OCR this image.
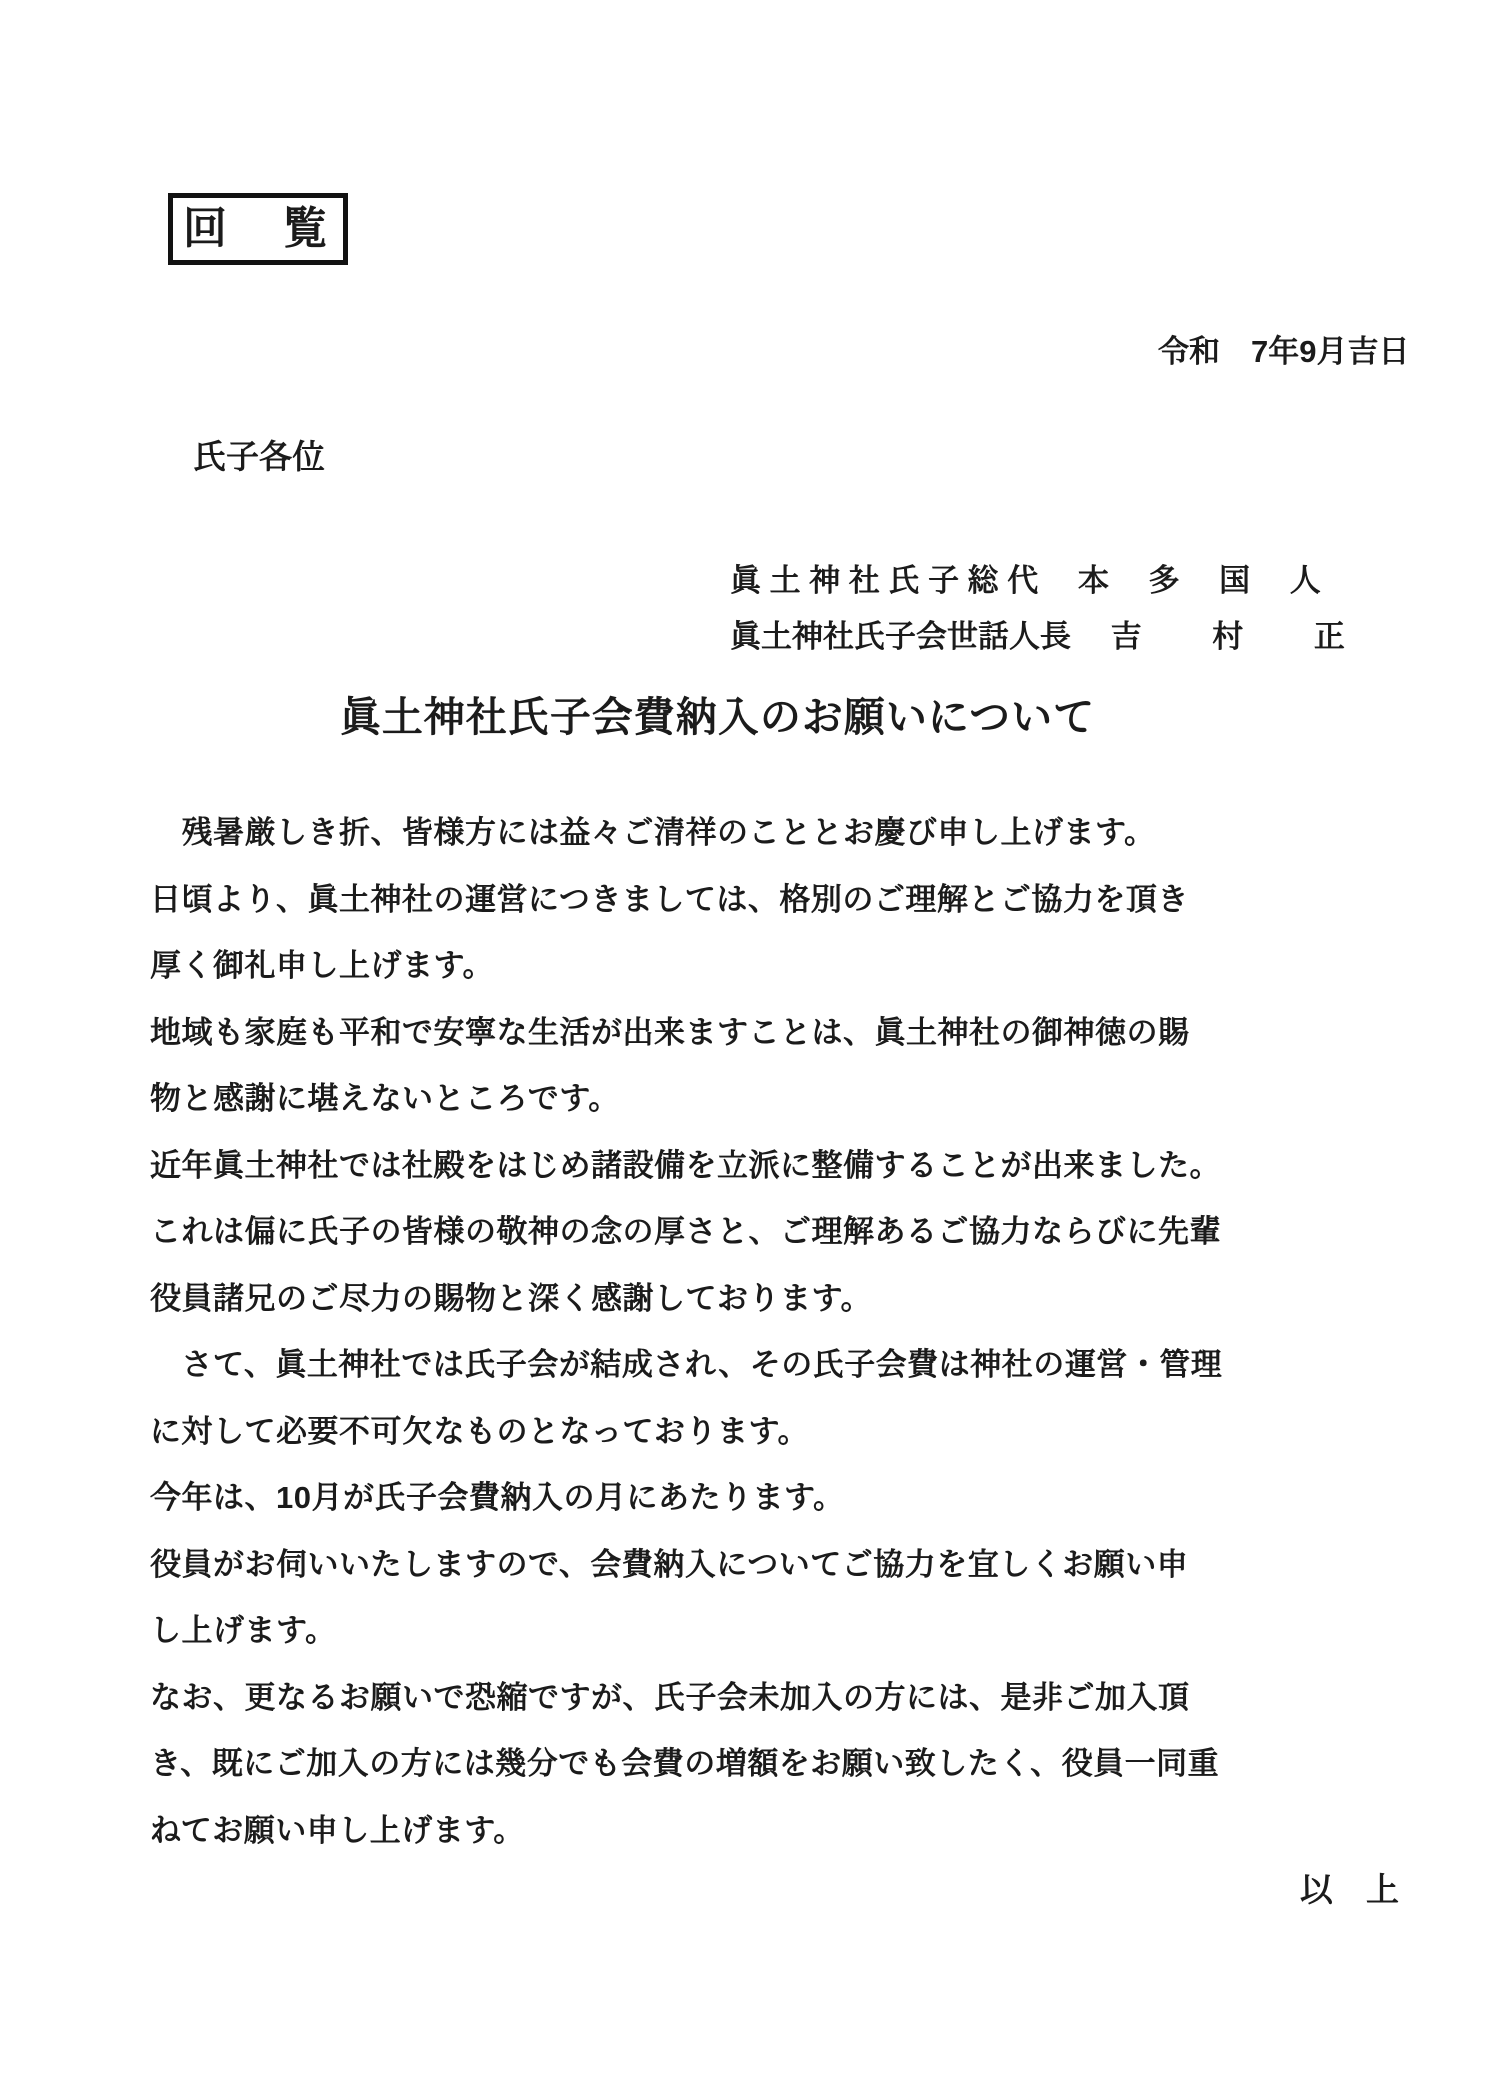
回　覧
令和　7年9月吉日
氏子各位
眞 土 神 社 氏 子 総 代　 本　 多　 国　 人
眞土神社氏子会世話人長　 吉　　 村　　 正
眞土神社氏子会費納入のお願いについて
　残暑厳しき折、皆様方には益々ご清祥のこととお慶び申し上げます。
日頃より、眞土神社の運営につきましては、格別のご理解とご協力を頂き
厚く御礼申し上げます。
地域も家庭も平和で安寧な生活が出来ますことは、眞土神社の御神徳の賜
物と感謝に堪えないところです。
近年眞土神社では社殿をはじめ諸設備を立派に整備することが出来ました。
これは偏に氏子の皆様の敬神の念の厚さと、ご理解あるご協力ならびに先輩
役員諸兄のご尽力の賜物と深く感謝しております。
　さて、眞土神社では氏子会が結成され、その氏子会費は神社の運営・管理
に対して必要不可欠なものとなっております。
今年は、10月が氏子会費納入の月にあたります。
役員がお伺いいたしますので、会費納入についてご協力を宜しくお願い申
し上げます。
なお、更なるお願いで恐縮ですが、氏子会未加入の方には、是非ご加入頂
き、既にご加入の方には幾分でも会費の増額をお願い致したく、役員一同重
ねてお願い申し上げます。
以　上
